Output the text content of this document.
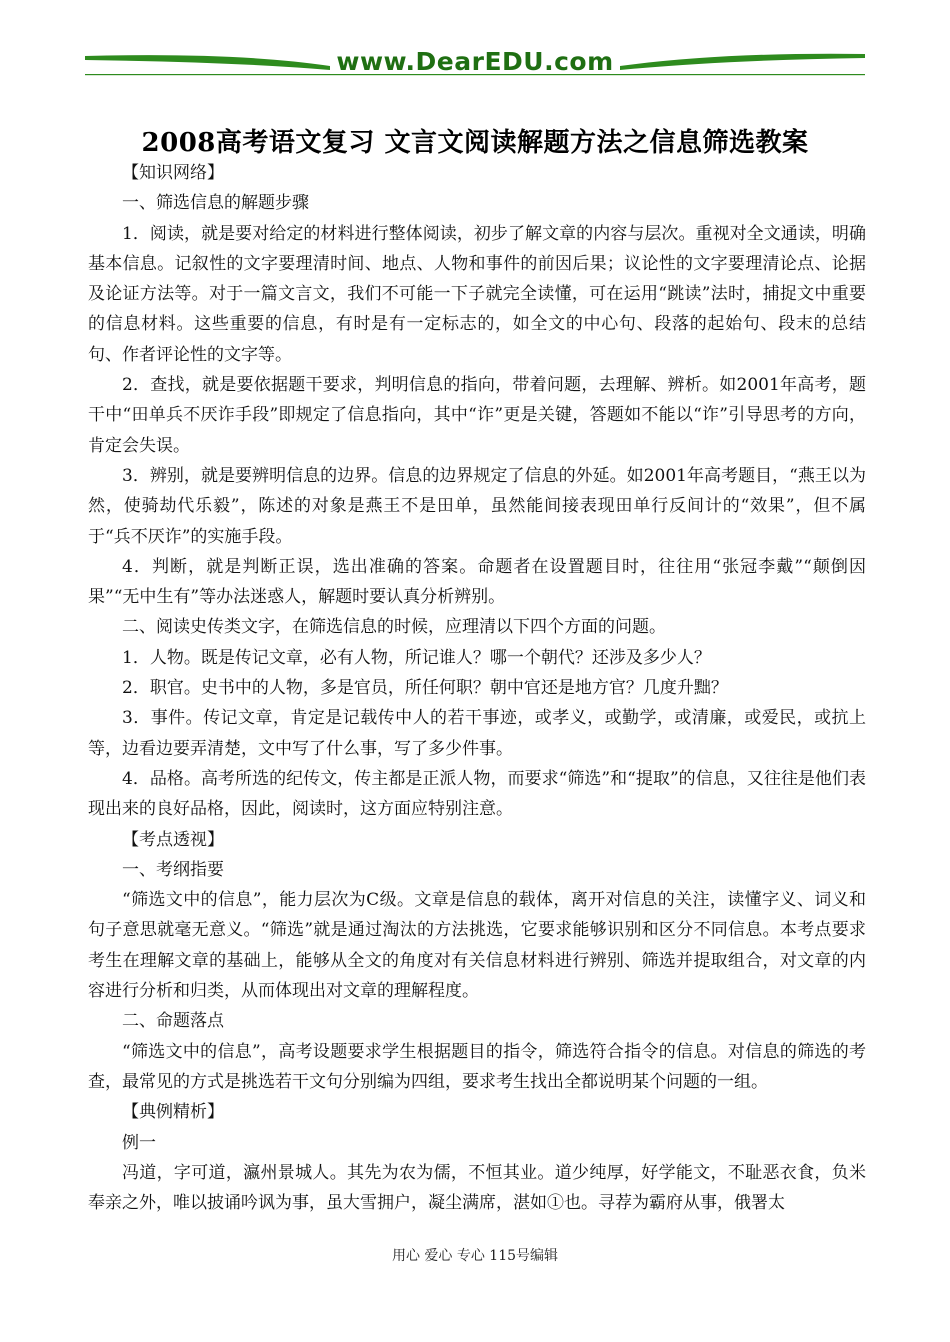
www.DearEDU.com
2008高考语文复习 文言文阅读解题方法之信息筛选教案

【知识网络】

一、筛选信息的解题步骤

1．阅读，就是要对给定的材料进行整体阅读，初步了解文章的内容与层次。重视对全文通读，明确基本信息。记叙性的文字要理清时间、地点、人物和事件的前因后果；议论性的文字要理清论点、论据及论证方法等。对于一篇文言文，我们不可能一下子就完全读懂，可在运用“跳读”法时，捕捉文中重要的信息材料。这些重要的信息，有时是有一定标志的，如全文的中心句、段落的起始句、段末的总结句、作者评论性的文字等。

2．查找，就是要依据题干要求，判明信息的指向，带着问题，去理解、辨析。如2001年高考，题干中“田单兵不厌诈手段”即规定了信息指向，其中“诈”更是关键，答题如不能以“诈”引导思考的方向，肯定会失误。

3．辨别，就是要辨明信息的边界。信息的边界规定了信息的外延。如2001年高考题目，“燕王以为然，使骑劫代乐毅”，陈述的对象是燕王不是田单，虽然能间接表现田单行反间计的“效果”，但不属于“兵不厌诈”的实施手段。

4．判断，就是判断正误，选出准确的答案。命题者在设置题目时，往往用“张冠李戴”“颠倒因果”“无中生有”等办法迷惑人，解题时要认真分析辨别。

二、阅读史传类文字，在筛选信息的时候，应理清以下四个方面的问题。

1．人物。既是传记文章，必有人物，所记谁人？哪一个朝代？还涉及多少人？

2．职官。史书中的人物，多是官员，所任何职？朝中官还是地方官？几度升黜？

3．事件。传记文章，肯定是记载传中人的若干事迹，或孝义，或勤学，或清廉，或爱民，或抗上等，边看边要弄清楚，文中写了什么事，写了多少件事。

4．品格。高考所选的纪传文，传主都是正派人物，而要求“筛选”和“提取”的信息，又往往是他们表现出来的良好品格，因此，阅读时，这方面应特别注意。

【考点透视】

一、考纲指要

“筛选文中的信息”，能力层次为C级。文章是信息的载体，离开对信息的关注，读懂字义、词义和句子意思就毫无意义。“筛选”就是通过淘汰的方法挑选，它要求能够识别和区分不同信息。本考点要求考生在理解文章的基础上，能够从全文的角度对有关信息材料进行辨别、筛选并提取组合，对文章的内容进行分析和归类，从而体现出对文章的理解程度。

二、命题落点

“筛选文中的信息”，高考设题要求学生根据题目的指令，筛选符合指令的信息。对信息的筛选的考查，最常见的方式是挑选若干文句分别编为四组，要求考生找出全都说明某个问题的一组。

【典例精析】

例一

冯道，字可道，瀛州景城人。其先为农为儒，不恒其业。道少纯厚，好学能文，不耻恶衣食，负米奉亲之外，唯以披诵吟讽为事，虽大雪拥户，凝尘满席，湛如①也。寻荐为霸府从事，俄署太

用心 爱心 专心 115号编辑
